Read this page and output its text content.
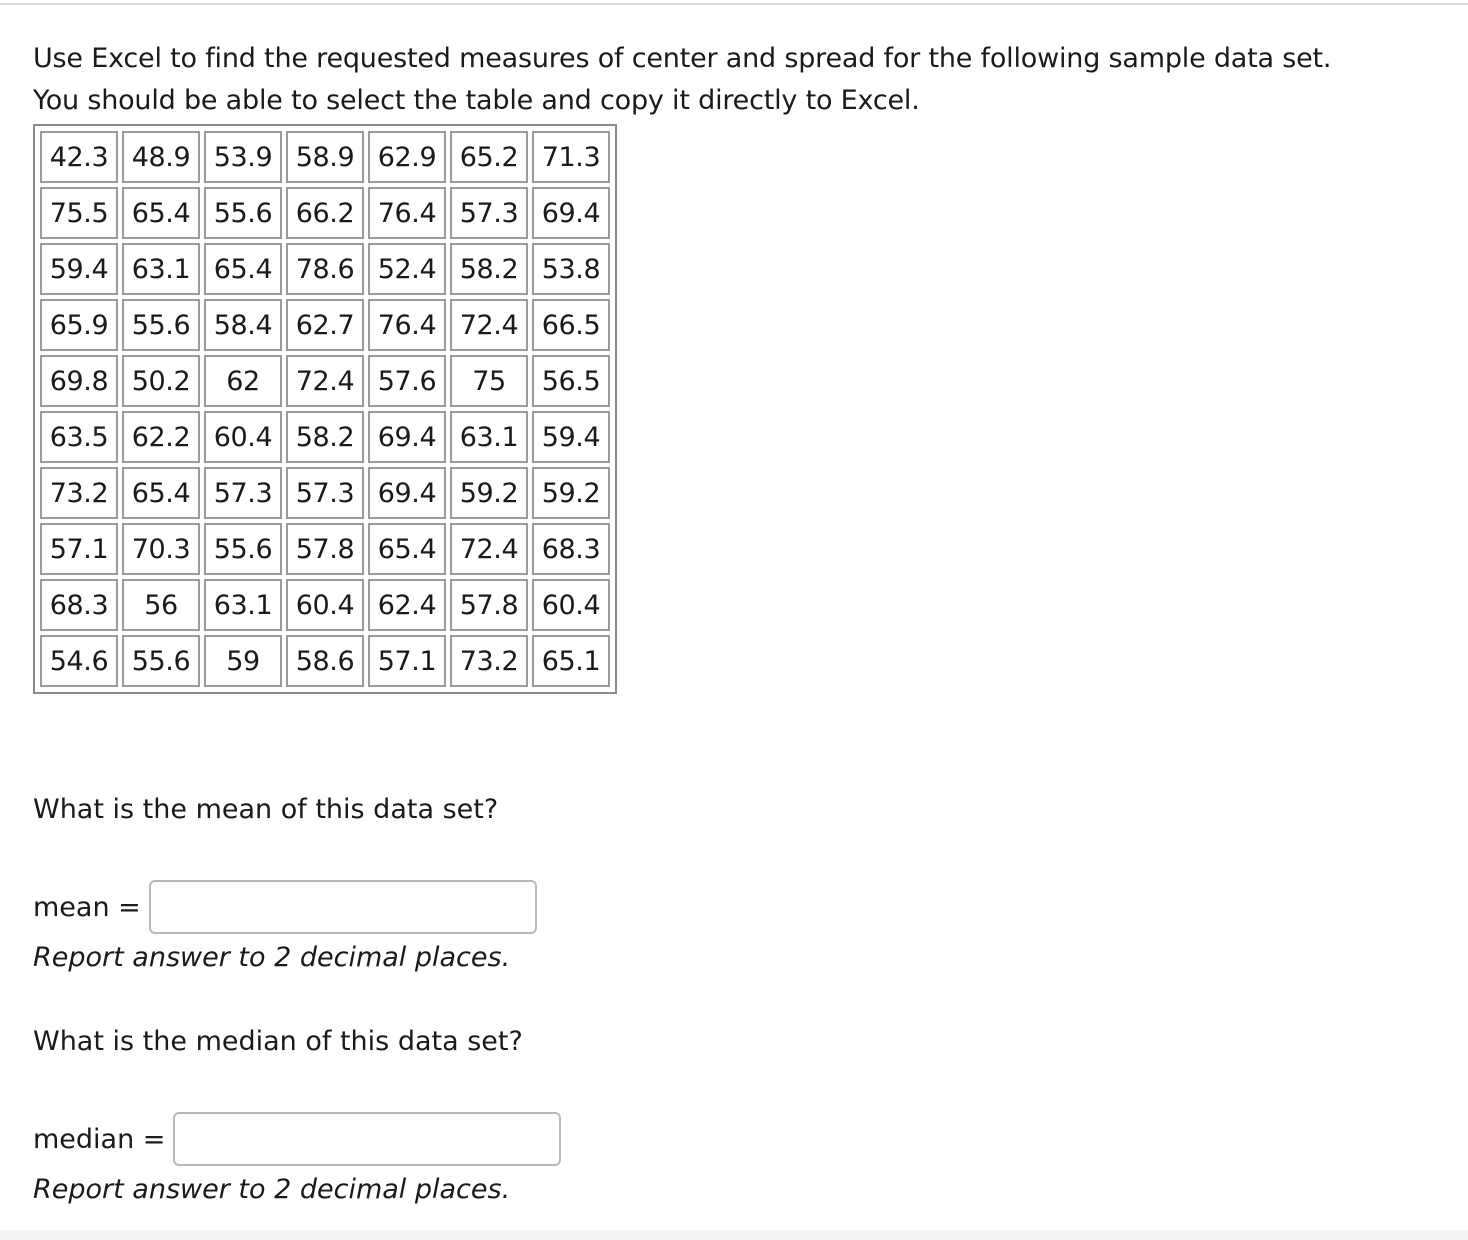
Use Excel to find the requested measures of center and spread for the following sample data set.

You should be able to select the table and copy it directly to Excel.

42.3	48.9	53.9	58.9	62.9	65.2	71.3
75.5	65.4	55.6	66.2	76.4	57.3	69.4
59.4	63.1	65.4	78.6	52.4	58.2	53.8
65.9	55.6	58.4	62.7	76.4	72.4	66.5
69.8	50.2	62	72.4	57.6	75	56.5
63.5	62.2	60.4	58.2	69.4	63.1	59.4
73.2	65.4	57.3	57.3	69.4	59.2	59.2
57.1	70.3	55.6	57.8	65.4	72.4	68.3
68.3	56	63.1	60.4	62.4	57.8	60.4
54.6	55.6	59	58.6	57.1	73.2	65.1

What is the mean of this data set?

mean =

Report answer to 2 decimal places.

What is the median of this data set?

median =

Report answer to 2 decimal places.
